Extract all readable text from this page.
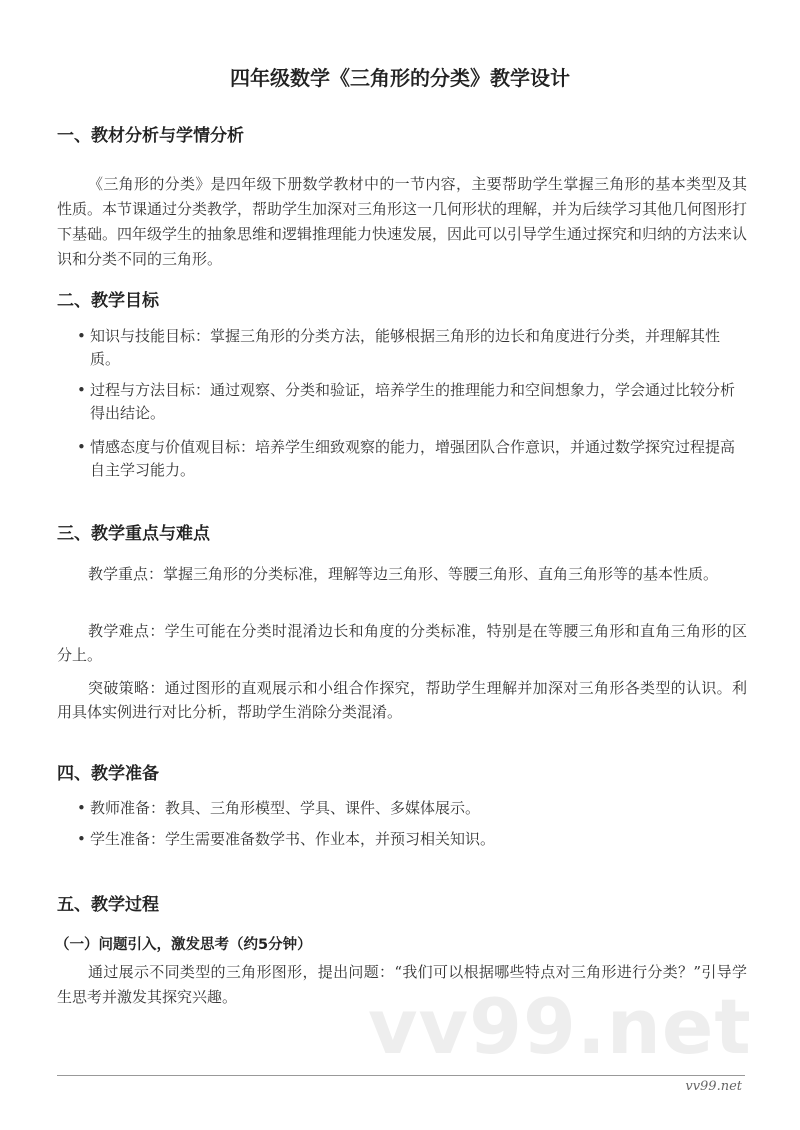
四年级数学《三角形的分类》教学设计
一、教材分析与学情分析
《三角形的分类》是四年级下册数学教材中的一节内容，主要帮助学生掌握三角形的基本类型及其性质。本节课通过分类教学，帮助学生加深对三角形这一几何形状的理解，并为后续学习其他几何图形打下基础。四年级学生的抽象思维和逻辑推理能力快速发展，因此可以引导学生通过探究和归纳的方法来认识和分类不同的三角形。
二、教学目标
• 知识与技能目标：掌握三角形的分类方法，能够根据三角形的边长和角度进行分类，并理解其性质。
• 过程与方法目标：通过观察、分类和验证，培养学生的推理能力和空间想象力，学会通过比较分析得出结论。
• 情感态度与价值观目标：培养学生细致观察的能力，增强团队合作意识，并通过数学探究过程提高自主学习能力。
三、教学重点与难点
教学重点：掌握三角形的分类标准，理解等边三角形、等腰三角形、直角三角形等的基本性质。
教学难点：学生可能在分类时混淆边长和角度的分类标准，特别是在等腰三角形和直角三角形的区分上。
突破策略：通过图形的直观展示和小组合作探究，帮助学生理解并加深对三角形各类型的认识。利用具体实例进行对比分析，帮助学生消除分类混淆。
四、教学准备
• 教师准备：教具、三角形模型、学具、课件、多媒体展示。
• 学生准备：学生需要准备数学书、作业本，并预习相关知识。
五、教学过程
（一）问题引入，激发思考（约5分钟）
vv99.net
通过展示不同类型的三角形图形，提出问题：“我们可以根据哪些特点对三角形进行分类？”引导学生思考并激发其探究兴趣。
vv99.net
